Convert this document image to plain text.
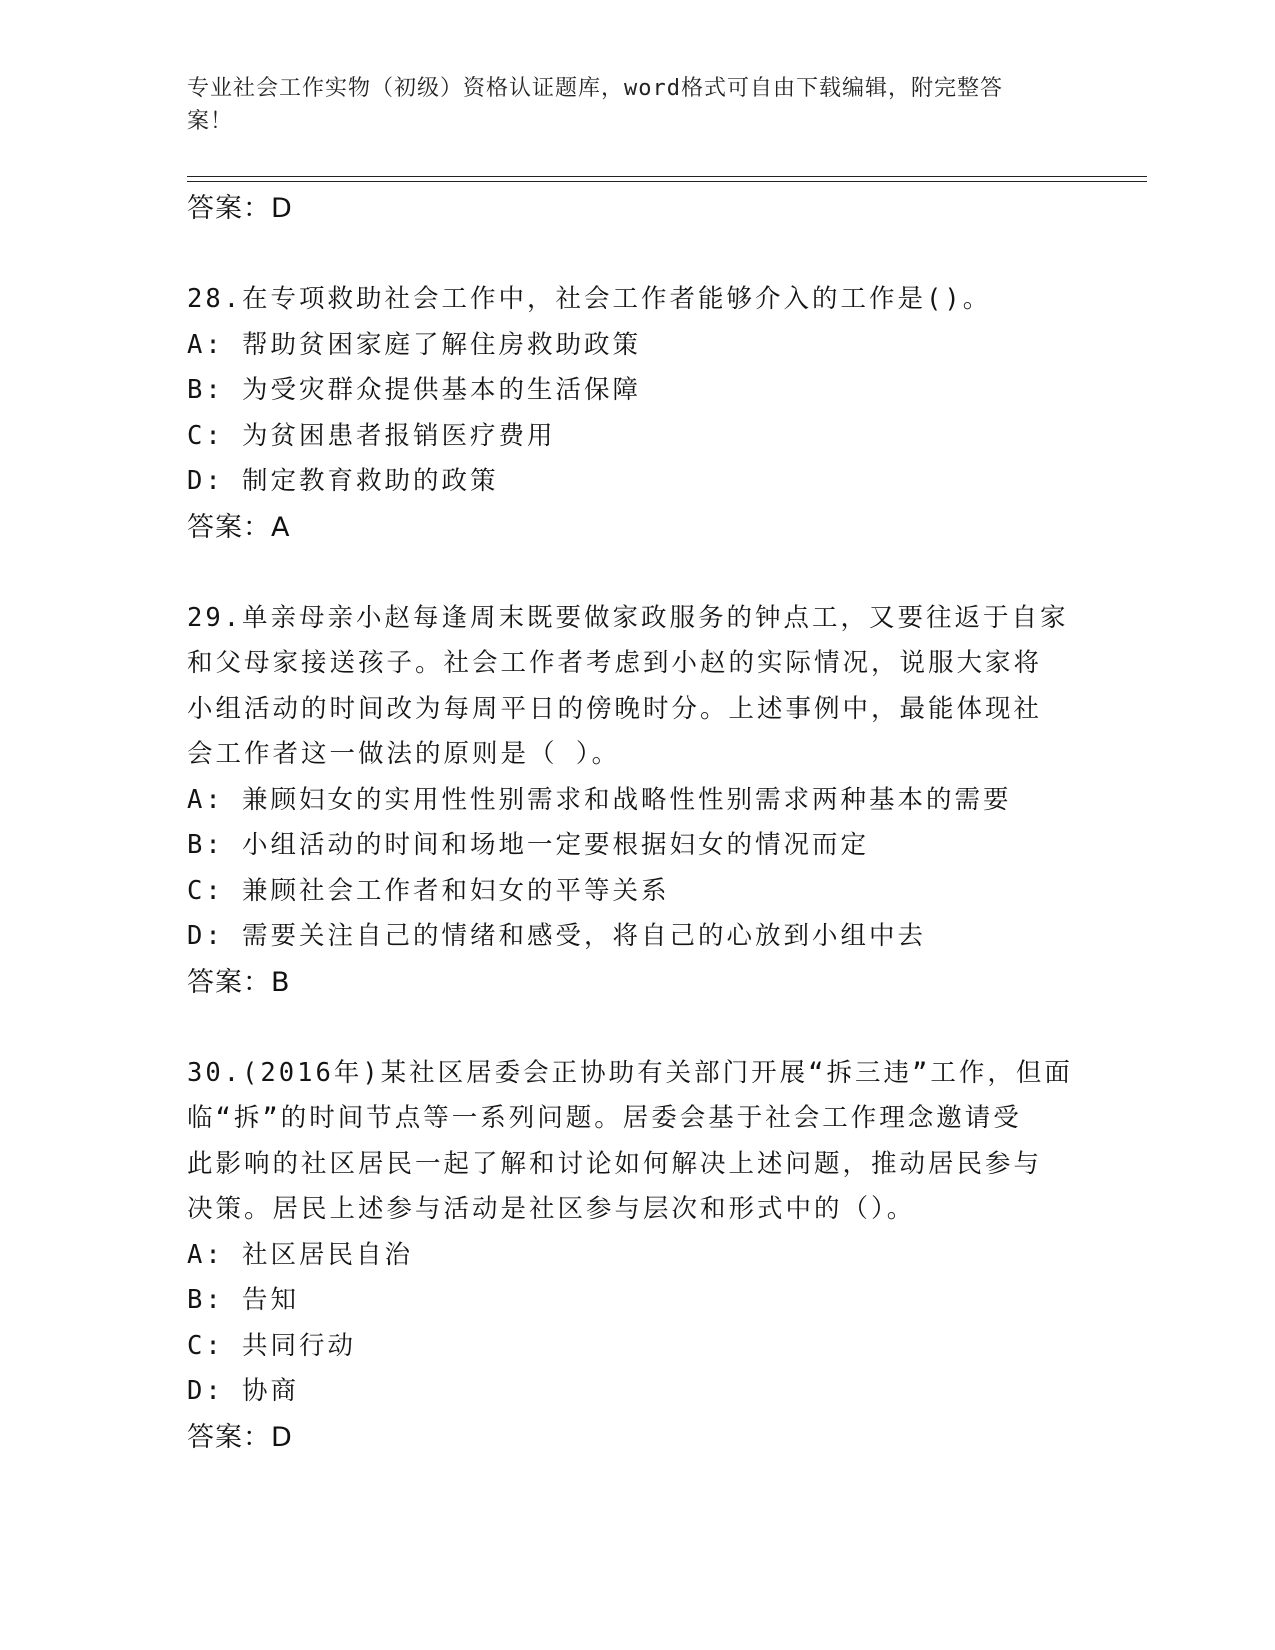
专业社会工作实物（初级）资格认证题库，word格式可自由下载编辑，附完整答
案！
答案：D
28.在专项救助社会工作中，社会工作者能够介入的工作是()。
A: 帮助贫困家庭了解住房救助政策
B: 为受灾群众提供基本的生活保障
C: 为贫困患者报销医疗费用
D: 制定教育救助的政策
答案：A
29.单亲母亲小赵每逢周末既要做家政服务的钟点工，又要往返于自家
和父母家接送孩子。社会工作者考虑到小赵的实际情况，说服大家将
小组活动的时间改为每周平日的傍晚时分。上述事例中，最能体现社
会工作者这一做法的原则是（ ）。
A: 兼顾妇女的实用性性别需求和战略性性别需求两种基本的需要
B: 小组活动的时间和场地一定要根据妇女的情况而定
C: 兼顾社会工作者和妇女的平等关系
D: 需要关注自己的情绪和感受，将自己的心放到小组中去
答案：B
30.(2016年)某社区居委会正协助有关部门开展“拆三违”工作，但面
临“拆”的时间节点等一系列问题。居委会基于社会工作理念邀请受
此影响的社区居民一起了解和讨论如何解决上述问题，推动居民参与
决策。居民上述参与活动是社区参与层次和形式中的（）。
A: 社区居民自治
B: 告知
C: 共同行动
D: 协商
答案：D
